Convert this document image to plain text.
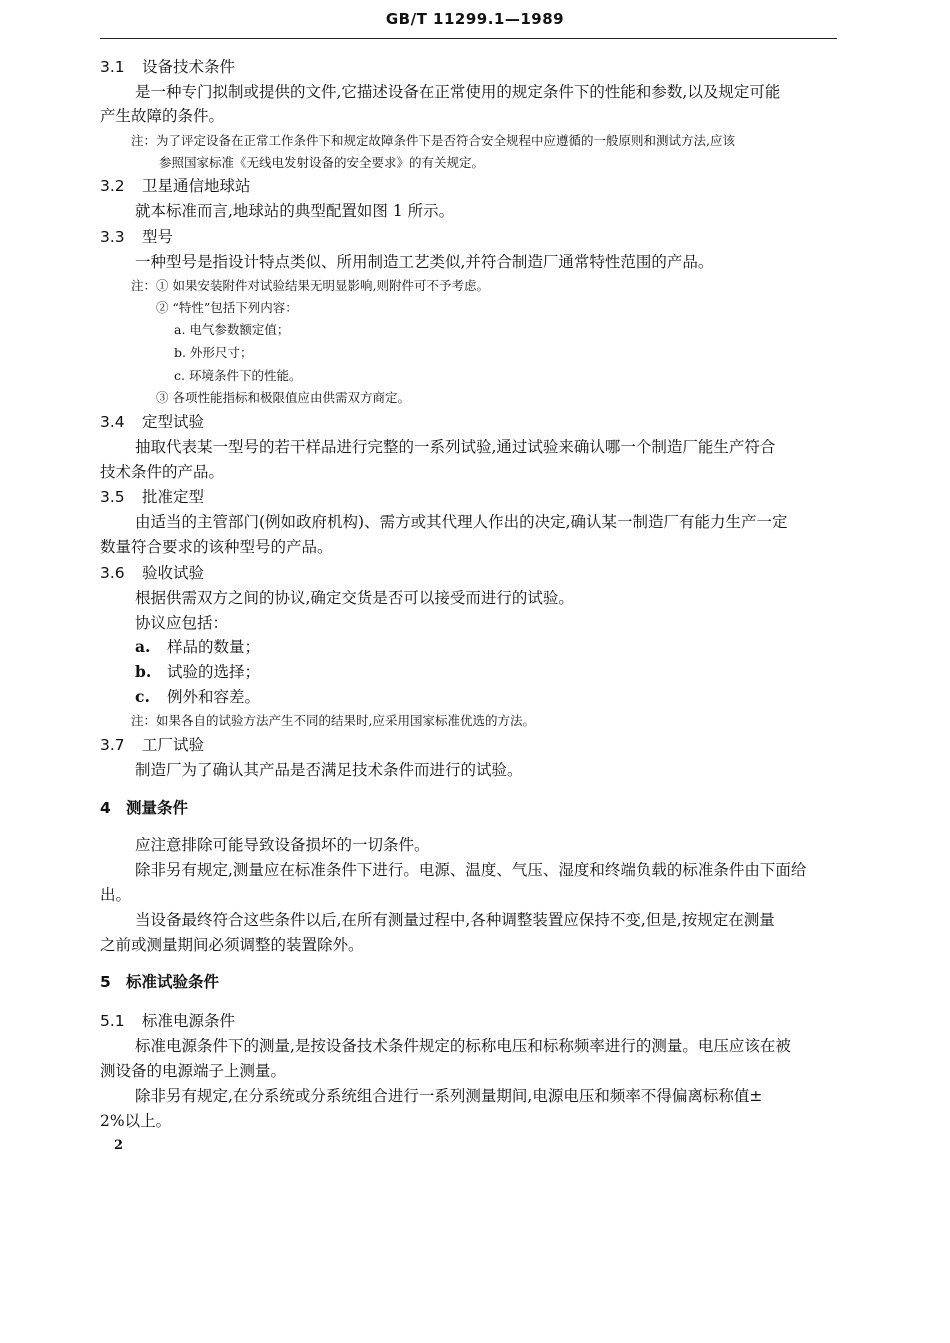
GB/T 11299.1—1989
3.1 设备技术条件
是一种专门拟制或提供的文件,它描述设备在正常使用的规定条件下的性能和参数,以及规定可能
产生故障的条件。
注：为了评定设备在正常工作条件下和规定故障条件下是否符合安全规程中应遵循的一般原则和测试方法,应该
参照国家标准《无线电发射设备的安全要求》的有关规定。
3.2 卫星通信地球站
就本标准而言,地球站的典型配置如图 1 所示。
3.3 型号
一种型号是指设计特点类似、所用制造工艺类似,并符合制造厂通常特性范围的产品。
注：① 如果安装附件对试验结果无明显影响,则附件可不予考虑。
② “特性”包括下列内容：
a. 电气参数额定值；
b. 外形尺寸；
c. 环境条件下的性能。
③ 各项性能指标和极限值应由供需双方商定。
3.4 定型试验
抽取代表某一型号的若干样品进行完整的一系列试验,通过试验来确认哪一个制造厂能生产符合
技术条件的产品。
3.5 批准定型
由适当的主管部门(例如政府机构)、需方或其代理人作出的决定,确认某一制造厂有能力生产一定
数量符合要求的该种型号的产品。
3.6 验收试验
根据供需双方之间的协议,确定交货是否可以接受而进行的试验。
协议应包括：
a. 样品的数量；
b. 试验的选择；
c. 例外和容差。
注：如果各自的试验方法产生不同的结果时,应采用国家标准优选的方法。
3.7 工厂试验
制造厂为了确认其产品是否满足技术条件而进行的试验。
4 测量条件
应注意排除可能导致设备损坏的一切条件。
除非另有规定,测量应在标准条件下进行。电源、温度、气压、湿度和终端负载的标准条件由下面给
出。
当设备最终符合这些条件以后,在所有测量过程中,各种调整装置应保持不变,但是,按规定在测量
之前或测量期间必须调整的装置除外。
5 标准试验条件
5.1 标准电源条件
标准电源条件下的测量,是按设备技术条件规定的标称电压和标称频率进行的测量。电压应该在被
测设备的电源端子上测量。
除非另有规定,在分系统或分系统组合进行一系列测量期间,电源电压和频率不得偏离标称值±
2%以上。
2
